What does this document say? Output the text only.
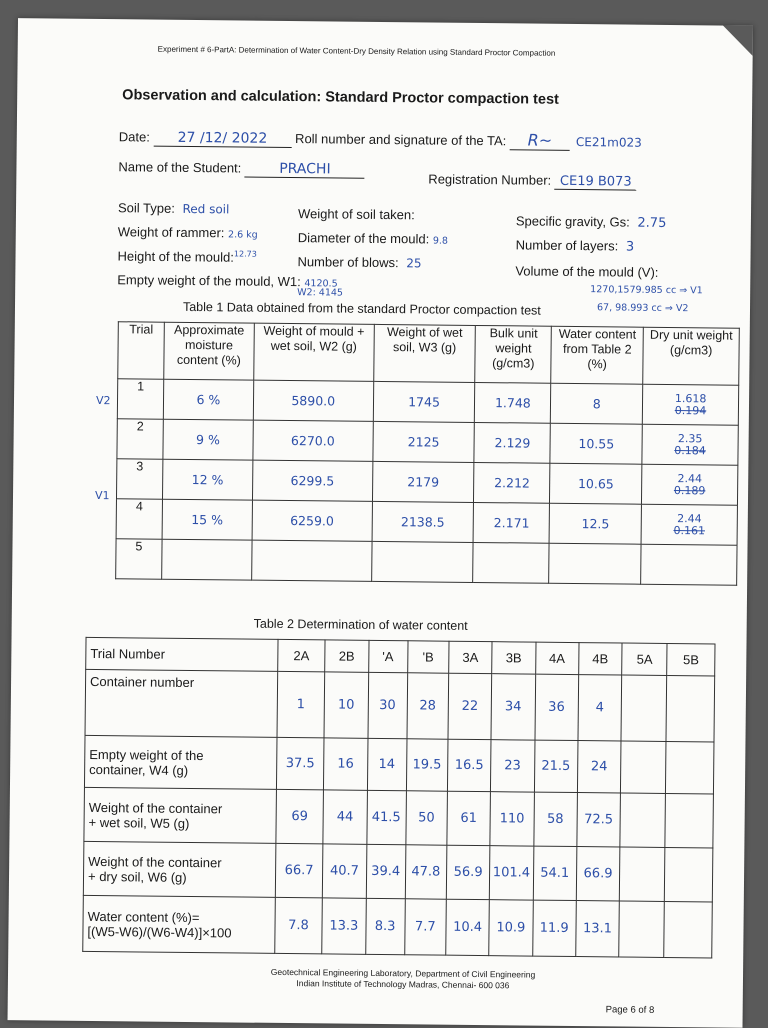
Experiment # 6-PartA: Determination of Water Content-Dry Density Relation using Standard Proctor Compaction
Observation and calculation: Standard Proctor compaction test
Date: 27 /12/ 2022 Roll number and signature of the TA: R~ CE21m023
Name of the Student:	PRACHI
Registration Number: CE19 B073
Soil Type: Red soil	Weight of soil taken:	Specific gravity, Gs: 2.75
Weight of rammer: 2.6 kg	Diameter of the mould: 9.8	Number of layers: 3
Height of the mould:$^{12.73}$
Number of blows: 25
Volume of the mould (V):
Empty weight of the mould, W1: 4120.5
W2: 4145	1270,1579.985 cc ⇒ V1
67, 98.993 cc ⇒ V2
Table 1 Data obtained from the standard Proctor compaction test
V2
V1
Trial	Approximate moisture content (%)	Weight of mould + wet soil, W2 (g)	Weight of wet soil, W3 (g)	Bulk unit weight (g/cm3)	Water content from Table 2 (%)	Dry unit weight (g/cm3)
1	6 %	5890.0	1745	1.748	8	1.618
0.194
2	9 %	6270.0	2125	2.129	10.55	2.35
0.184
3	12 %	6299.5	2179	2.212	10.65	2.44
0.189
4	15 %	6259.0	2138.5	2.171	12.5	2.44
0.161
5						
Table 2 Determination of water content
Trial Number	2A	2B	'A	'B	3A	3B	4A	4B	5A	5B
Container number	1	10	30	28	22	34	36	4		
Empty weight of the
container, W4 (g)	37.5	16	14	19.5	16.5	23	21.5	24		
Weight of the container
+ wet soil, W5 (g)	69	44	41.5	50	61	110	58	72.5		
Weight of the container
+ dry soil, W6 (g)	66.7	40.7	39.4	47.8	56.9	101.4	54.1	66.9		
Water content (%)=
[(W5-W6)/(W6-W4)]×100	7.8	13.3	8.3	7.7	10.4	10.9	11.9	13.1		
Geotechnical Engineering Laboratory, Department of Civil Engineering
Indian Institute of Technology Madras, Chennai- 600 036
Page 6 of 8
